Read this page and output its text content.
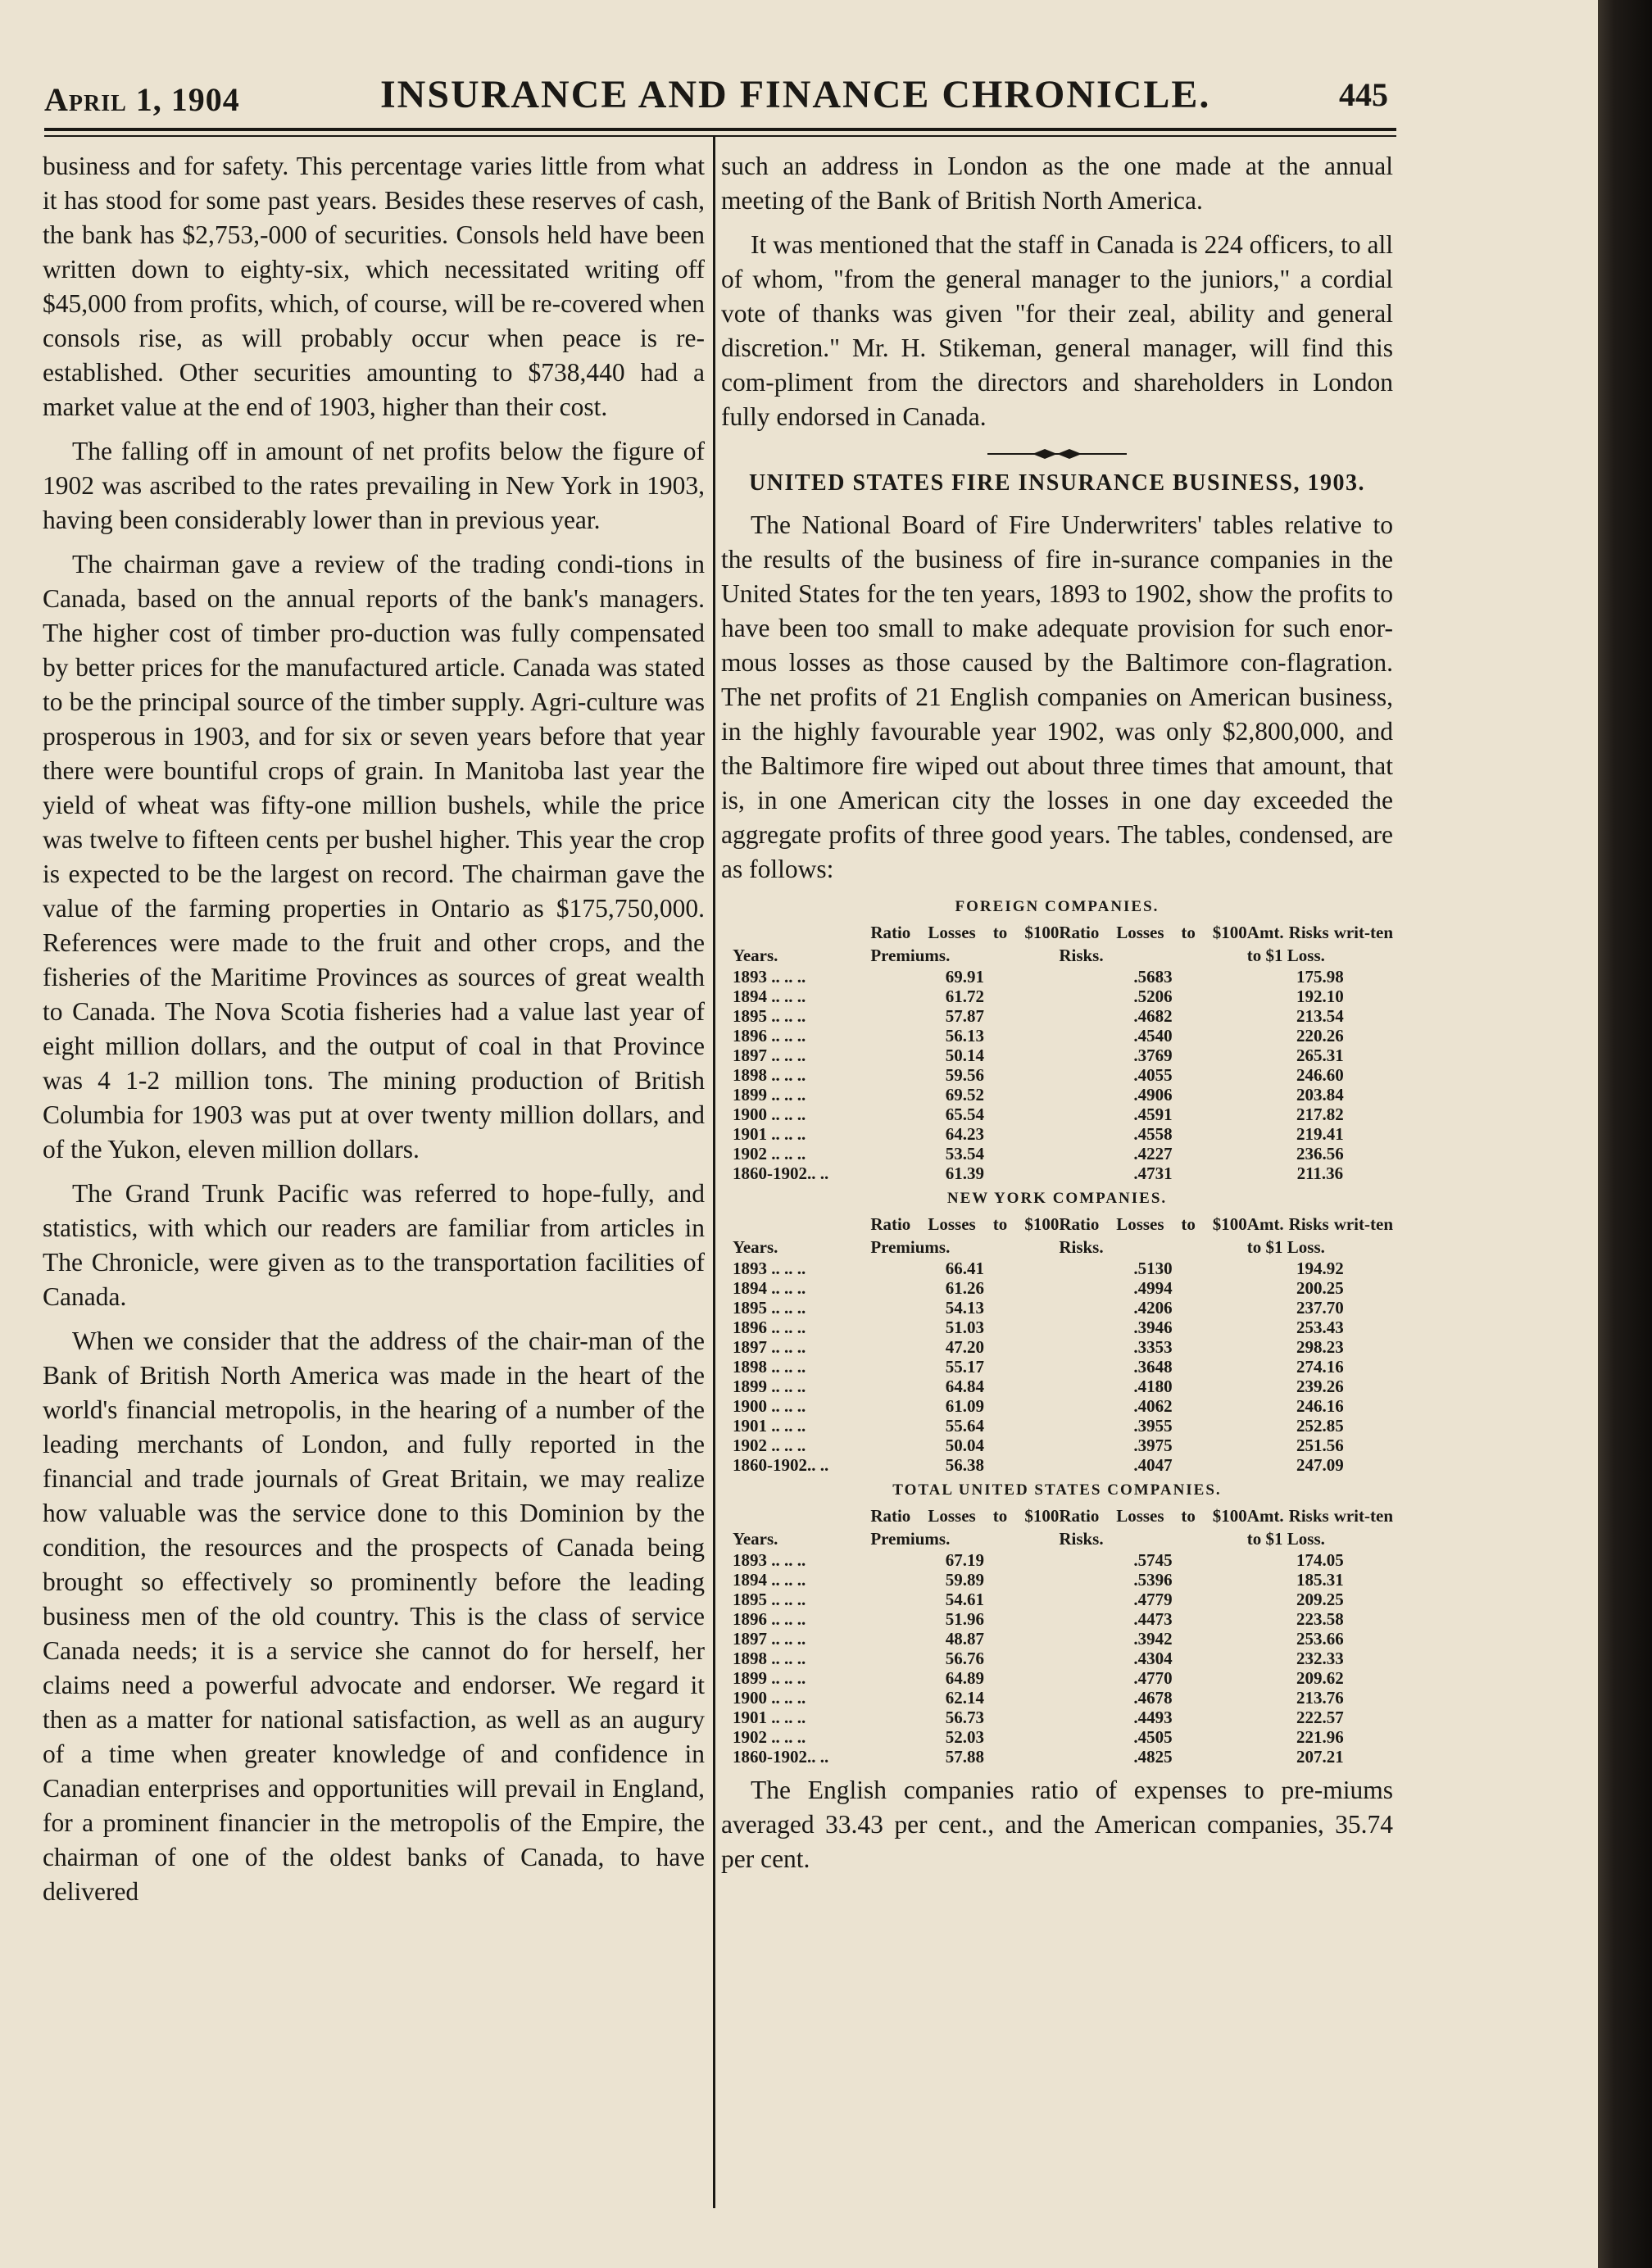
April 1, 1904	INSURANCE AND FINANCE CHRONICLE.	445

business and for safety. This percentage varies little from what it has stood for some past years. Besides these reserves of cash, the bank has $2,753,-000 of securities. Consols held have been written down to eighty-six, which necessitated writing off $45,000 from profits, which, of course, will be re-covered when consols rise, as will probably occur when peace is re-established. Other securities amounting to $738,440 had a market value at the end of 1903, higher than their cost.

The falling off in amount of net profits below the figure of 1902 was ascribed to the rates prevailing in New York in 1903, having been considerably lower than in previous year.

The chairman gave a review of the trading condi-tions in Canada, based on the annual reports of the bank's managers. The higher cost of timber pro-duction was fully compensated by better prices for the manufactured article. Canada was stated to be the principal source of the timber supply. Agri-culture was prosperous in 1903, and for six or seven years before that year there were bountiful crops of grain. In Manitoba last year the yield of wheat was fifty-one million bushels, while the price was twelve to fifteen cents per bushel higher. This year the crop is expected to be the largest on record. The chairman gave the value of the farming properties in Ontario as $175,750,000. References were made to the fruit and other crops, and the fisheries of the Maritime Provinces as sources of great wealth to Canada. The Nova Scotia fisheries had a value last year of eight million dollars, and the output of coal in that Province was 4 1-2 million tons. The mining production of British Columbia for 1903 was put at over twenty million dollars, and of the Yukon, eleven million dollars.

The Grand Trunk Pacific was referred to hope-fully, and statistics, with which our readers are familiar from articles in The Chronicle, were given as to the transportation facilities of Canada.

When we consider that the address of the chair-man of the Bank of British North America was made in the heart of the world's financial metropolis, in the hearing of a number of the leading merchants of London, and fully reported in the financial and trade journals of Great Britain, we may realize how valuable was the service done to this Dominion by the condition, the resources and the prospects of Canada being brought so effectively so prominently before the leading business men of the old country. This is the class of service Canada needs; it is a service she cannot do for herself, her claims need a powerful advocate and endorser. We regard it then as a matter for national satisfaction, as well as an augury of a time when greater knowledge of and confidence in Canadian enterprises and opportunities will prevail in England, for a prominent financier in the metropolis of the Empire, the chairman of one of the oldest banks of Canada, to have delivered

such an address in London as the one made at the annual meeting of the Bank of British North America.

It was mentioned that the staff in Canada is 224 officers, to all of whom, "from the general manager to the juniors," a cordial vote of thanks was given "for their zeal, ability and general discretion." Mr. H. Stikeman, general manager, will find this com-pliment from the directors and shareholders in London fully endorsed in Canada.

UNITED STATES FIRE INSURANCE BUSINESS, 1903.

The National Board of Fire Underwriters' tables relative to the results of the business of fire in-surance companies in the United States for the ten years, 1893 to 1902, show the profits to have been too small to make adequate provision for such enor-mous losses as those caused by the Baltimore con-flagration. The net profits of 21 English companies on American business, in the highly favourable year 1902, was only $2,800,000, and the Baltimore fire wiped out about three times that amount, that is, in one American city the losses in one day exceeded the aggregate profits of three good years. The tables, condensed, are as follows:

FOREIGN COMPANIES.
Years.	Ratio Losses to $100 Premiums.	Ratio Losses to $100 Risks.	Amt. Risks writ-ten to $1 Loss.
1893 .. .. ..	69.91	.5683	175.98
1894 .. .. ..	61.72	.5206	192.10
1895 .. .. ..	57.87	.4682	213.54
1896 .. .. ..	56.13	.4540	220.26
1897 .. .. ..	50.14	.3769	265.31
1898 .. .. ..	59.56	.4055	246.60
1899 .. .. ..	69.52	.4906	203.84
1900 .. .. ..	65.54	.4591	217.82
1901 .. .. ..	64.23	.4558	219.41
1902 .. .. ..	53.54	.4227	236.56
1860-1902.. ..	61.39	.4731	211.36
NEW YORK COMPANIES.
Years.	Ratio Losses to $100 Premiums.	Ratio Losses to $100 Risks.	Amt. Risks writ-ten to $1 Loss.
1893 .. .. ..	66.41	.5130	194.92
1894 .. .. ..	61.26	.4994	200.25
1895 .. .. ..	54.13	.4206	237.70
1896 .. .. ..	51.03	.3946	253.43
1897 .. .. ..	47.20	.3353	298.23
1898 .. .. ..	55.17	.3648	274.16
1899 .. .. ..	64.84	.4180	239.26
1900 .. .. ..	61.09	.4062	246.16
1901 .. .. ..	55.64	.3955	252.85
1902 .. .. ..	50.04	.3975	251.56
1860-1902.. ..	56.38	.4047	247.09
TOTAL UNITED STATES COMPANIES.
Years.	Ratio Losses to $100 Premiums.	Ratio Losses to $100 Risks.	Amt. Risks writ-ten to $1 Loss.
1893 .. .. ..	67.19	.5745	174.05
1894 .. .. ..	59.89	.5396	185.31
1895 .. .. ..	54.61	.4779	209.25
1896 .. .. ..	51.96	.4473	223.58
1897 .. .. ..	48.87	.3942	253.66
1898 .. .. ..	56.76	.4304	232.33
1899 .. .. ..	64.89	.4770	209.62
1900 .. .. ..	62.14	.4678	213.76
1901 .. .. ..	56.73	.4493	222.57
1902 .. .. ..	52.03	.4505	221.96
1860-1902.. ..	57.88	.4825	207.21

The English companies ratio of expenses to pre-miums averaged 33.43 per cent., and the American companies, 35.74 per cent.
